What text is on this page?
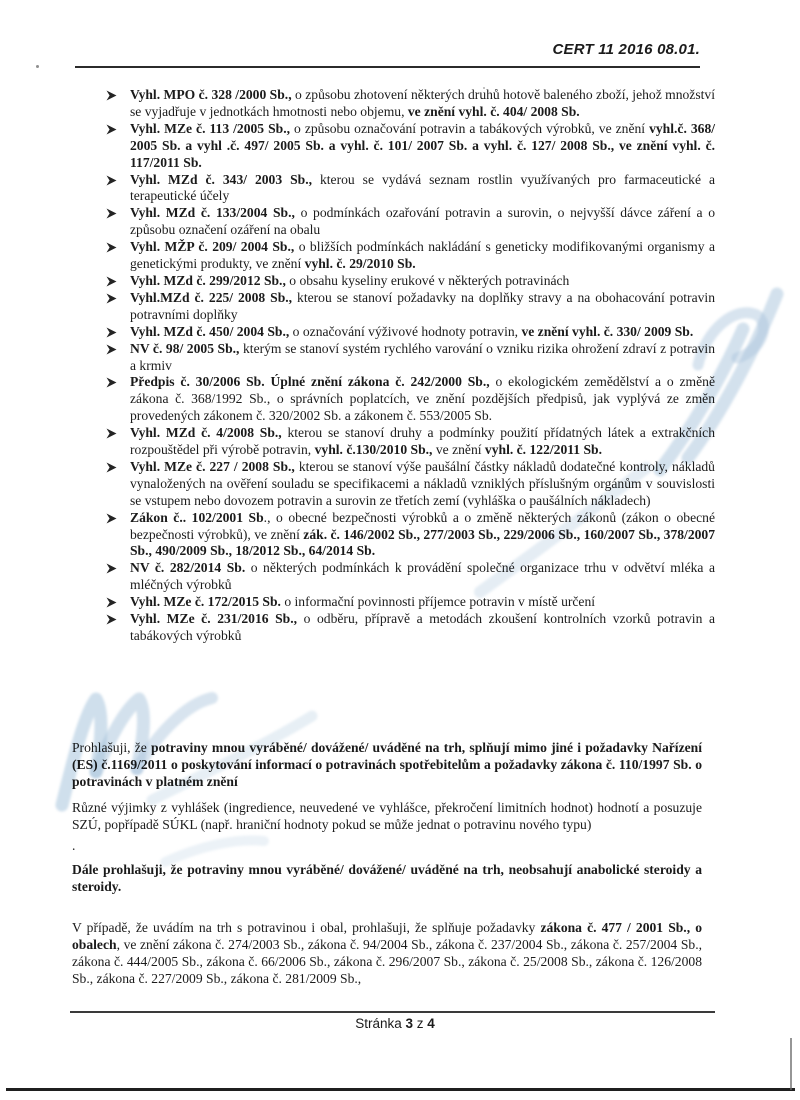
CERT 11 2016 08.01.
Vyhl. MPO č. 328 /2000 Sb., o způsobu zhotovení některých druhů hotově baleného zboží, jehož množství se vyjadřuje v jednotkách hmotnosti nebo objemu, ve znění vyhl. č. 404/ 2008 Sb.
Vyhl. MZe č. 113 /2005 Sb., o způsobu označování potravin a tabákových výrobků, ve znění vyhl.č. 368/ 2005 Sb. a vyhl .č. 497/ 2005 Sb. a vyhl. č. 101/ 2007 Sb. a vyhl. č. 127/ 2008 Sb., ve znění vyhl. č. 117/2011 Sb.
Vyhl. MZd č. 343/ 2003 Sb., kterou se vydává seznam rostlin využívaných pro farmaceutické a terapeutické účely
Vyhl. MZd č. 133/2004 Sb., o podmínkách ozařování potravin a surovin, o nejvyšší dávce záření a o způsobu označení ozáření na obalu
Vyhl. MŽP č. 209/ 2004 Sb., o bližších podmínkách nakládání s geneticky modifikovanými organismy a genetickými produkty, ve znění vyhl. č. 29/2010 Sb.
Vyhl. MZd č. 299/2012 Sb., o obsahu kyseliny erukové v některých potravinách
Vyhl.MZd č. 225/ 2008 Sb., kterou se stanoví požadavky na doplňky stravy a na obohacování potravin potravními doplňky
Vyhl. MZd č. 450/ 2004 Sb., o označování výživové hodnoty potravin, ve znění vyhl. č. 330/ 2009 Sb.
NV č. 98/ 2005 Sb., kterým se stanoví systém rychlého varování o vzniku rizika ohrožení zdraví z potravin a krmiv
Předpis č. 30/2006 Sb. Úplné znění zákona č. 242/2000 Sb., o ekologickém zemědělství a o změně zákona č. 368/1992 Sb., o správních poplatcích, ve znění pozdějších předpisů, jak vyplývá ze změn provedených zákonem č. 320/2002 Sb. a zákonem č. 553/2005 Sb.
Vyhl. MZd č. 4/2008 Sb., kterou se stanoví druhy a podmínky použití přídatných látek a extrakčních rozpouštědel při výrobě potravin, vyhl. č.130/2010 Sb., ve znění vyhl. č. 122/2011 Sb.
Vyhl. MZe č. 227 / 2008 Sb., kterou se stanoví výše paušální částky nákladů dodatečné kontroly, nákladů vynaložených na ověření souladu se specifikacemi a nákladů vzniklých příslušným orgánům v souvislosti se vstupem nebo dovozem potravin a surovin ze třetích zemí (vyhláška o paušálních nákladech)
Zákon č.. 102/2001 Sb., o obecné bezpečnosti výrobků a o změně některých zákonů (zákon o obecné bezpečnosti výrobků), ve znění zák. č. 146/2002 Sb., 277/2003 Sb., 229/2006 Sb., 160/2007 Sb., 378/2007 Sb., 490/2009 Sb., 18/2012 Sb., 64/2014 Sb.
NV č. 282/2014 Sb. o některých podmínkách k provádění společné organizace trhu v odvětví mléka a mléčných výrobků
Vyhl. MZe č. 172/2015 Sb. o informační povinnosti příjemce potravin v místě určení
Vyhl. MZe č. 231/2016 Sb., o odběru, přípravě a metodách zkoušení kontrolních vzorků potravin a tabákových výrobků

Prohlašuji, že potraviny mnou vyráběné/ dovážené/ uváděné na trh, splňují mimo jiné i požadavky Nařízení (ES) č.1169/2011 o poskytování informací o potravinách spotřebitelům a požadavky zákona č. 110/1997 Sb. o potravinách v platném znění

Různé výjimky z vyhlášek (ingredience, neuvedené ve vyhlášce, překročení limitních hodnot) hodnotí a posuzuje SZÚ, popřípadě SÚKL (např. hraniční hodnoty pokud se může jednat o potravinu nového typu)

.

Dále prohlašuji, že potraviny mnou vyráběné/ dovážené/ uváděné na trh, neobsahují anabolické steroidy a steroidy.

V případě, že uvádím na trh s potravinou i obal, prohlašuji, že splňuje požadavky zákona č. 477 / 2001 Sb., o obalech, ve znění zákona č. 274/2003 Sb., zákona č. 94/2004 Sb., zákona č. 237/2004 Sb., zákona č. 257/2004 Sb., zákona č. 444/2005 Sb., zákona č. 66/2006 Sb., zákona č. 296/2007 Sb., zákona č. 25/2008 Sb., zákona č. 126/2008 Sb., zákona č. 227/2009 Sb., zákona č. 281/2009 Sb.,

Stránka 3 z 4
